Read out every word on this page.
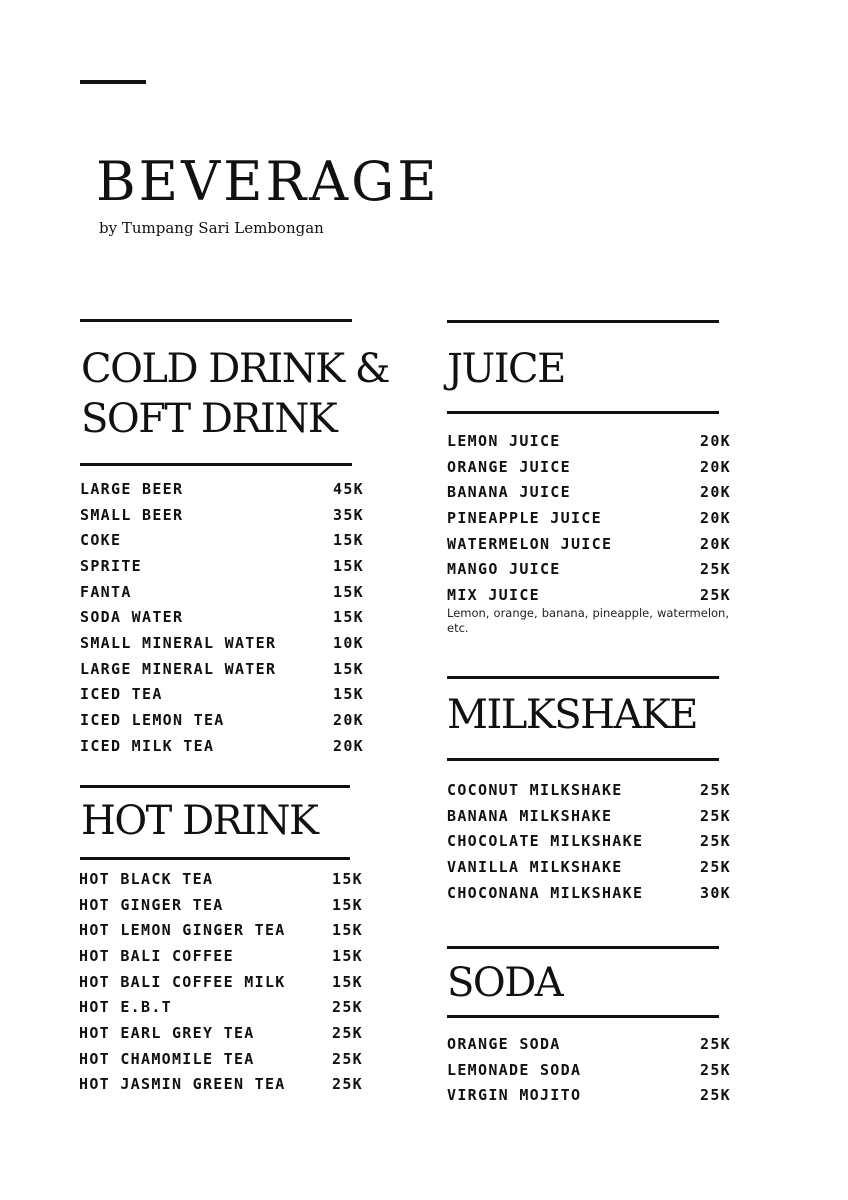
BEVERAGE
by Tumpang Sari Lembongan
COLD DRINK &
SOFT DRINK
LARGE BEER	45K
SMALL BEER	35K
COKE	15K
SPRITE	15K
FANTA	15K
SODA WATER	15K
SMALL MINERAL WATER	10K
LARGE MINERAL WATER	15K
ICED TEA	15K
ICED LEMON TEA	20K
ICED MILK TEA	20K
HOT DRINK
HOT BLACK TEA	15K
HOT GINGER TEA	15K
HOT LEMON GINGER TEA	15K
HOT BALI COFFEE	15K
HOT BALI COFFEE MILK	15K
HOT E.B.T	25K
HOT EARL GREY TEA	25K
HOT CHAMOMILE TEA	25K
HOT JASMIN GREEN TEA	25K
JUICE
LEMON JUICE	20K
ORANGE JUICE	20K
BANANA JUICE	20K
PINEAPPLE JUICE	20K
WATERMELON JUICE	20K
MANGO JUICE	25K
MIX JUICE	25K
Lemon, orange, banana, pineapple, watermelon, etc.
MILKSHAKE
COCONUT MILKSHAKE	25K
BANANA MILKSHAKE	25K
CHOCOLATE MILKSHAKE	25K
VANILLA MILKSHAKE	25K
CHOCONANA MILKSHAKE	30K
SODA
ORANGE SODA	25K
LEMONADE SODA	25K
VIRGIN MOJITO	25K
